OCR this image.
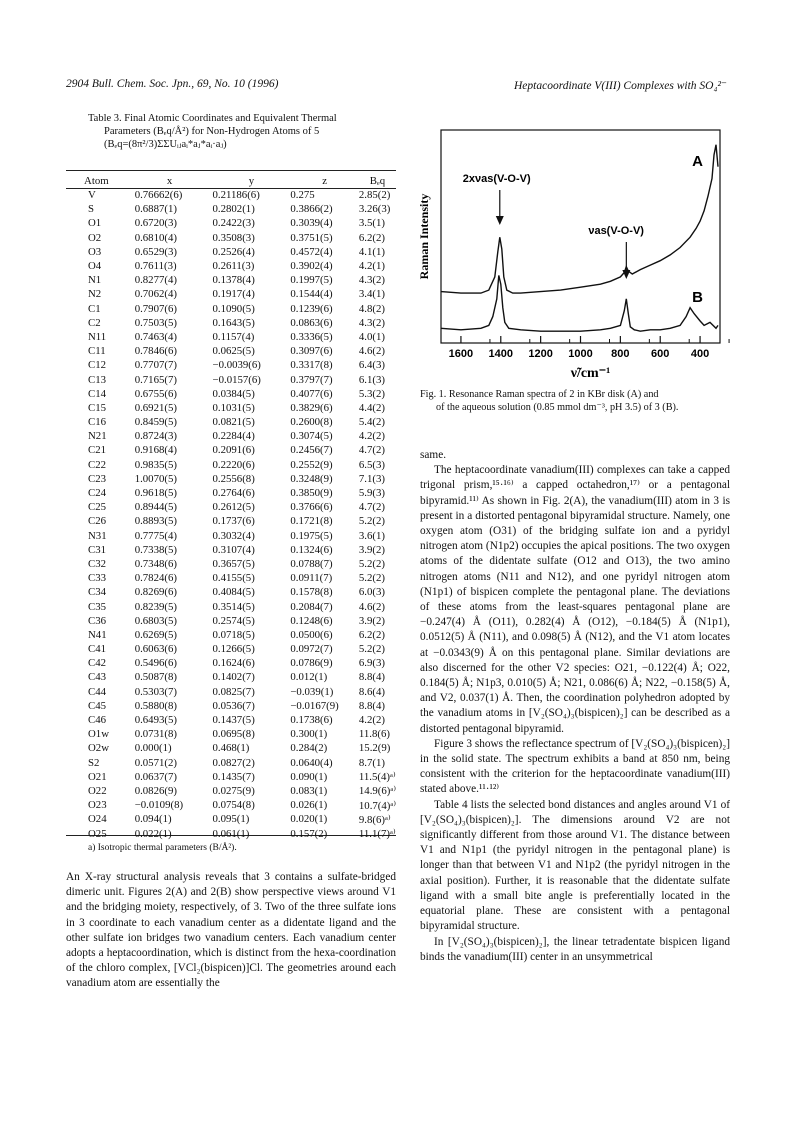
2904 Bull. Chem. Soc. Jpn., 69, No. 10 (1996)	Heptacoordinate V(III) Complexes with SO₄²⁻
Table 3. Final Atomic Coordinates and Equivalent Thermal
Parameters (Bₑq/Å²) for Non-Hydrogen Atoms of 5
(Bₑq=(8π²/3)ΣΣUᵢⱼaᵢ*aⱼ*aᵢ·aⱼ)
Atom	x	y	z	Bₑq
V	0.76662(6)	0.21186(6)	0.275	2.85(2)
S	0.6887(1)	0.2802(1)	0.3866(2)	3.26(3)
O1	0.6720(3)	0.2422(3)	0.3039(4)	3.5(1)
O2	0.6810(4)	0.3508(3)	0.3751(5)	6.2(2)
O3	0.6529(3)	0.2526(4)	0.4572(4)	4.1(1)
O4	0.7611(3)	0.2611(3)	0.3902(4)	4.2(1)
N1	0.8277(4)	0.1378(4)	0.1997(5)	4.3(2)
N2	0.7062(4)	0.1917(4)	0.1544(4)	3.4(1)
C1	0.7907(6)	0.1090(5)	0.1239(6)	4.8(2)
C2	0.7503(5)	0.1643(5)	0.0863(6)	4.3(2)
N11	0.7463(4)	0.1157(4)	0.3336(5)	4.0(1)
C11	0.7846(6)	0.0625(5)	0.3097(6)	4.6(2)
C12	0.7707(7)	−0.0039(6)	0.3317(8)	6.4(3)
C13	0.7165(7)	−0.0157(6)	0.3797(7)	6.1(3)
C14	0.6755(6)	0.0384(5)	0.4077(6)	5.3(2)
C15	0.6921(5)	0.1031(5)	0.3829(6)	4.4(2)
C16	0.8459(5)	0.0821(5)	0.2600(8)	5.4(2)
N21	0.8724(3)	0.2284(4)	0.3074(5)	4.2(2)
C21	0.9168(4)	0.2091(6)	0.2456(7)	4.7(2)
C22	0.9835(5)	0.2220(6)	0.2552(9)	6.5(3)
C23	1.0070(5)	0.2556(8)	0.3248(9)	7.1(3)
C24	0.9618(5)	0.2764(6)	0.3850(9)	5.9(3)
C25	0.8944(5)	0.2612(5)	0.3766(6)	4.7(2)
C26	0.8893(5)	0.1737(6)	0.1721(8)	5.2(2)
N31	0.7775(4)	0.3032(4)	0.1975(5)	3.6(1)
C31	0.7338(5)	0.3107(4)	0.1324(6)	3.9(2)
C32	0.7348(6)	0.3657(5)	0.0788(7)	5.2(2)
C33	0.7824(6)	0.4155(5)	0.0911(7)	5.2(2)
C34	0.8269(6)	0.4084(5)	0.1578(8)	6.0(3)
C35	0.8239(5)	0.3514(5)	0.2084(7)	4.6(2)
C36	0.6803(5)	0.2574(5)	0.1248(6)	3.9(2)
N41	0.6269(5)	0.0718(5)	0.0500(6)	6.2(2)
C41	0.6063(6)	0.1266(5)	0.0972(7)	5.2(2)
C42	0.5496(6)	0.1624(6)	0.0786(9)	6.9(3)
C43	0.5087(8)	0.1402(7)	0.012(1)	8.8(4)
C44	0.5303(7)	0.0825(7)	−0.039(1)	8.6(4)
C45	0.5880(8)	0.0536(7)	−0.0167(9)	8.8(4)
C46	0.6493(5)	0.1437(5)	0.1738(6)	4.2(2)
O1w	0.0731(8)	0.0695(8)	0.300(1)	11.8(6)
O2w	0.000(1)	0.468(1)	0.284(2)	15.2(9)
S2	0.0571(2)	0.0827(2)	0.0640(4)	8.7(1)
O21	0.0637(7)	0.1435(7)	0.090(1)	11.5(4)ᵃ⁾
O22	0.0826(9)	0.0275(9)	0.083(1)	14.9(6)ᵃ⁾
O23	−0.0109(8)	0.0754(8)	0.026(1)	10.7(4)ᵃ⁾
O24	0.094(1)	0.095(1)	0.020(1)	9.8(6)ᵃ⁾
O25	0.022(1)	0.061(1)	0.157(2)	11.1(7)ᵃ⁾
a) Isotropic thermal parameters (B/Å²).

An X-ray structural analysis reveals that 3 contains a sulfate-bridged dimeric unit. Figures 2(A) and 2(B) show perspective views around V1 and the bridging moiety, respectively, of 3. Two of the three sulfate ions in 3 coordinate to each vanadium center as a didentate ligand and the other sulfate ion bridges two vanadium centers. Each vanadium center adopts a heptacoordination, which is distinct from the hexa-coordination of the chloro complex, [VCl₂(bispicen)]Cl. The geometries around each vanadium atom are essentially the

1600 1400 1200 1000 800 600 400
Raman Intensity
ν̃/cm⁻¹
2xνas(V-O-V)
νas(V-O-V)
A
B
Fig. 1. Resonance Raman spectra of 2 in KBr disk (A) and
of the aqueous solution (0.85 mmol dm⁻³, pH 3.5) of 3 (B).

same.

The heptacoordinate vanadium(III) complexes can take a capped trigonal prism,¹⁵·¹⁶⁾ a capped octahedron,¹⁷⁾ or a pentagonal bipyramid.¹¹⁾ As shown in Fig. 2(A), the vanadium(III) atom in 3 is present in a distorted pentagonal bipyramidal structure. Namely, one oxygen atom (O31) of the bridging sulfate ion and a pyridyl nitrogen atom (N1p2) occupies the apical positions. The two oxygen atoms of the didentate sulfate (O12 and O13), the two amino nitrogen atoms (N11 and N12), and one pyridyl nitrogen atom (N1p1) of bispicen complete the pentagonal plane. The deviations of these atoms from the least-squares pentagonal plane are −0.247(4) Å (O11), 0.282(4) Å (O12), −0.184(5) Å (N1p1), 0.0512(5) Å (N11), and 0.098(5) Å (N12), and the V1 atom locates at −0.0343(9) Å on this pentagonal plane. Similar deviations are also discerned for the other V2 species: O21, −0.122(4) Å; O22, 0.184(5) Å; N1p3, 0.010(5) Å; N21, 0.086(6) Å; N22, −0.158(5) Å, and V2, 0.037(1) Å. Then, the coordination polyhedron adopted by the vanadium atoms in [V₂(SO₄)₃(bispicen)₂] can be described as a distorted pentagonal bipyramid.

Figure 3 shows the reflectance spectrum of [V₂(SO₄)₃(bispicen)₂] in the solid state. The spectrum exhibits a band at 850 nm, being consistent with the criterion for the heptacoordinate vanadium(III) stated above.¹¹·¹²⁾

Table 4 lists the selected bond distances and angles around V1 of [V₂(SO₄)₃(bispicen)₂]. The dimensions around V2 are not significantly different from those around V1. The distance between V1 and N1p1 (the pyridyl nitrogen in the pentagonal plane) is longer than that between V1 and N1p2 (the pyridyl nitrogen in the axial position). Further, it is reasonable that the didentate sulfate ligand with a small bite angle is preferentially located in the equatorial plane. These are consistent with a pentagonal bipyramidal structure.

In [V₂(SO₄)₃(bispicen)₂], the linear tetradentate bispicen ligand binds the vanadium(III) center in an unsymmetrical
